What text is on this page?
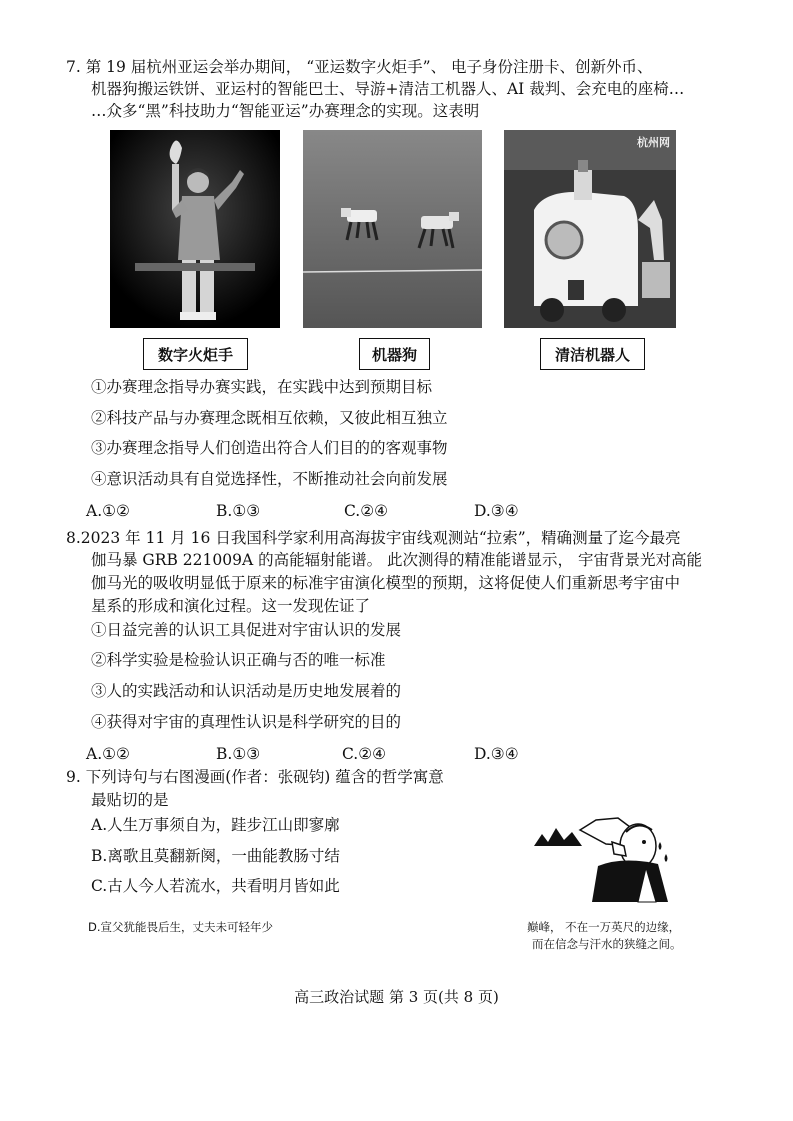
7. 第 19 届杭州亚运会举办期间， “亚运数字火炬手”、 电子身份注册卡、创新外币、
机器狗搬运铁饼、亚运村的智能巴士、导游+清洁工机器人、AI 裁判、会充电的座椅…
…众多“黑”科技助力“智能亚运”办赛理念的实现。这表明
数字火炬手	机器狗
杭州网
清洁机器人
①办赛理念指导办赛实践，在实践中达到预期目标
②科技产品与办赛理念既相互依赖，又彼此相互独立
③办赛理念指导人们创造出符合人们目的的客观事物
④意识活动具有自觉选择性，不断推动社会向前发展
A.①②	B.①③	C.②④	D.③④
8.2023 年 11 月 16 日我国科学家利用高海拔宇宙线观测站“拉索”，精确测量了迄今最亮
伽马暴 GRB 221009A 的高能辐射能谱。 此次测得的精准能谱显示， 宇宙背景光对高能
伽马光的吸收明显低于原来的标准宇宙演化模型的预期，这将促使人们重新思考宇宙中
星系的形成和演化过程。这一发现佐证了
①日益完善的认识工具促进对宇宙认识的发展
②科学实验是检验认识正确与否的唯一标准
③人的实践活动和认识活动是历史地发展着的
④获得对宇宙的真理性认识是科学研究的目的
A.①②	B.①③	C.②④	D.③④
9. 下列诗句与右图漫画(作者：张砚钧) 蕴含的哲学寓意
最贴切的是
A.人生万事须自为，跬步江山即寥廓
B.离歌且莫翻新阕，一曲能教肠寸结
C.古人今人若流水，共看明月皆如此
D.宣父犹能畏后生，丈夫未可轻年少	巅峰， 不在一万英尺的边缘，
而在信念与汗水的狭缝之间。
高三政治试题 第 3 页(共 8 页)
